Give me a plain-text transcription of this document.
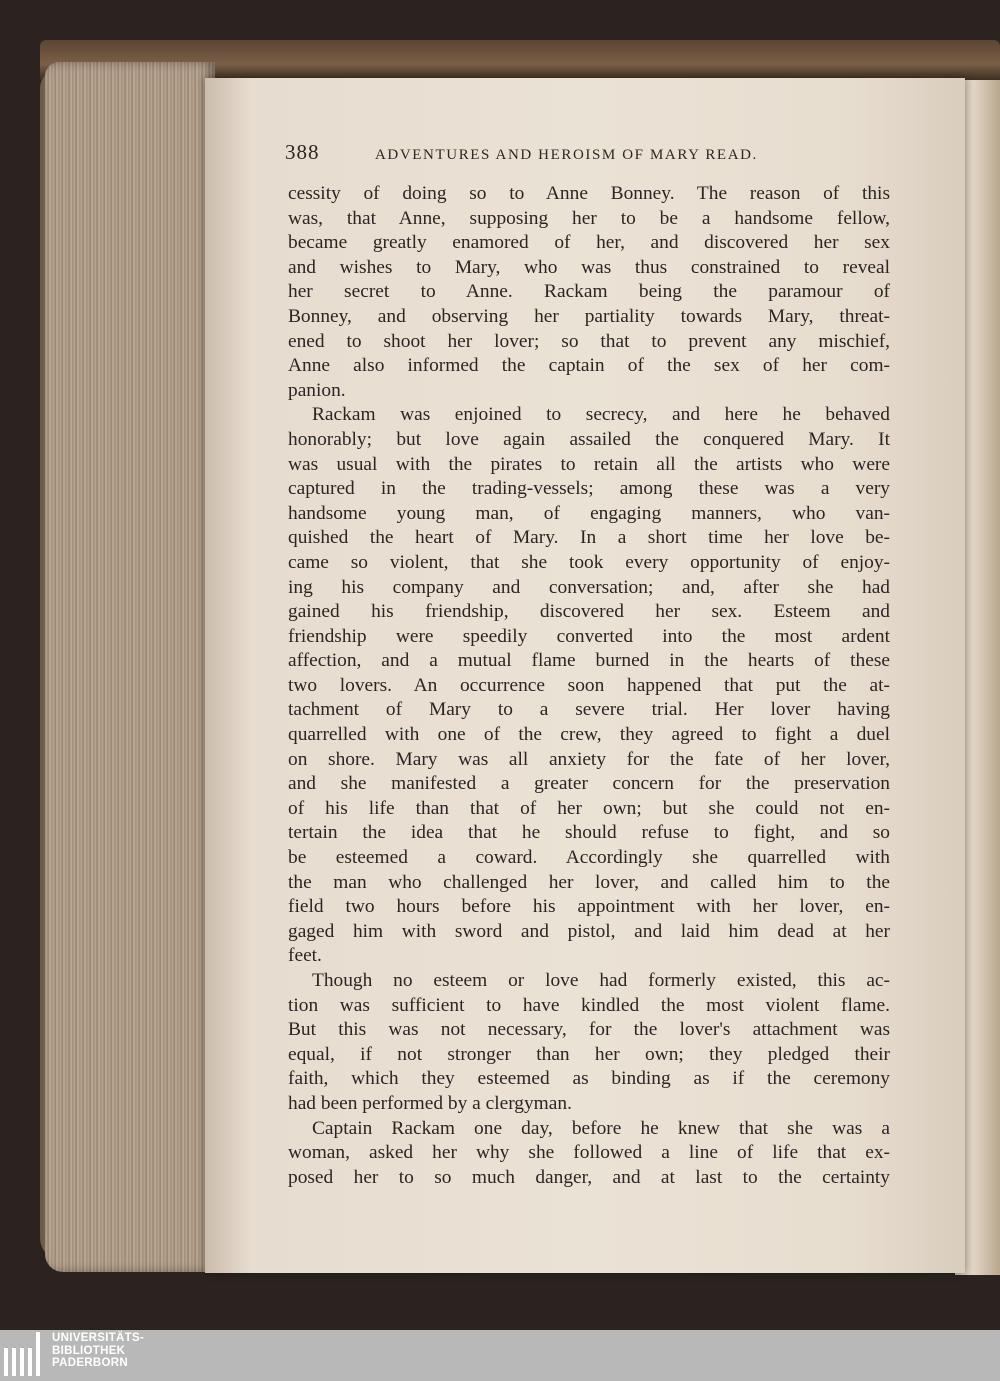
388	ADVENTURES AND HEROISM OF MARY READ.
cessity of doing so to Anne Bonney. The reason of this
was, that Anne, supposing her to be a handsome fellow,
became greatly enamored of her, and discovered her sex
and wishes to Mary, who was thus constrained to reveal
her secret to Anne. Rackam being the paramour of
Bonney, and observing her partiality towards Mary, threat-
ened to shoot her lover; so that to prevent any mischief,
Anne also informed the captain of the sex of her com-
panion.
Rackam was enjoined to secrecy, and here he behaved
honorably; but love again assailed the conquered Mary. It
was usual with the pirates to retain all the artists who were
captured in the trading-vessels; among these was a very
handsome young man, of engaging manners, who van-
quished the heart of Mary. In a short time her love be-
came so violent, that she took every opportunity of enjoy-
ing his company and conversation; and, after she had
gained his friendship, discovered her sex. Esteem and
friendship were speedily converted into the most ardent
affection, and a mutual flame burned in the hearts of these
two lovers. An occurrence soon happened that put the at-
tachment of Mary to a severe trial. Her lover having
quarrelled with one of the crew, they agreed to fight a duel
on shore. Mary was all anxiety for the fate of her lover,
and she manifested a greater concern for the preservation
of his life than that of her own; but she could not en-
tertain the idea that he should refuse to fight, and so
be esteemed a coward. Accordingly she quarrelled with
the man who challenged her lover, and called him to the
field two hours before his appointment with her lover, en-
gaged him with sword and pistol, and laid him dead at her
feet.
Though no esteem or love had formerly existed, this ac-
tion was sufficient to have kindled the most violent flame.
But this was not necessary, for the lover's attachment was
equal, if not stronger than her own; they pledged their
faith, which they esteemed as binding as if the ceremony
had been performed by a clergyman.
Captain Rackam one day, before he knew that she was a
woman, asked her why she followed a line of life that ex-
posed her to so much danger, and at last to the certainty
UNIVERSITÄTS-
BIBLIOTHEK
PADERBORN
